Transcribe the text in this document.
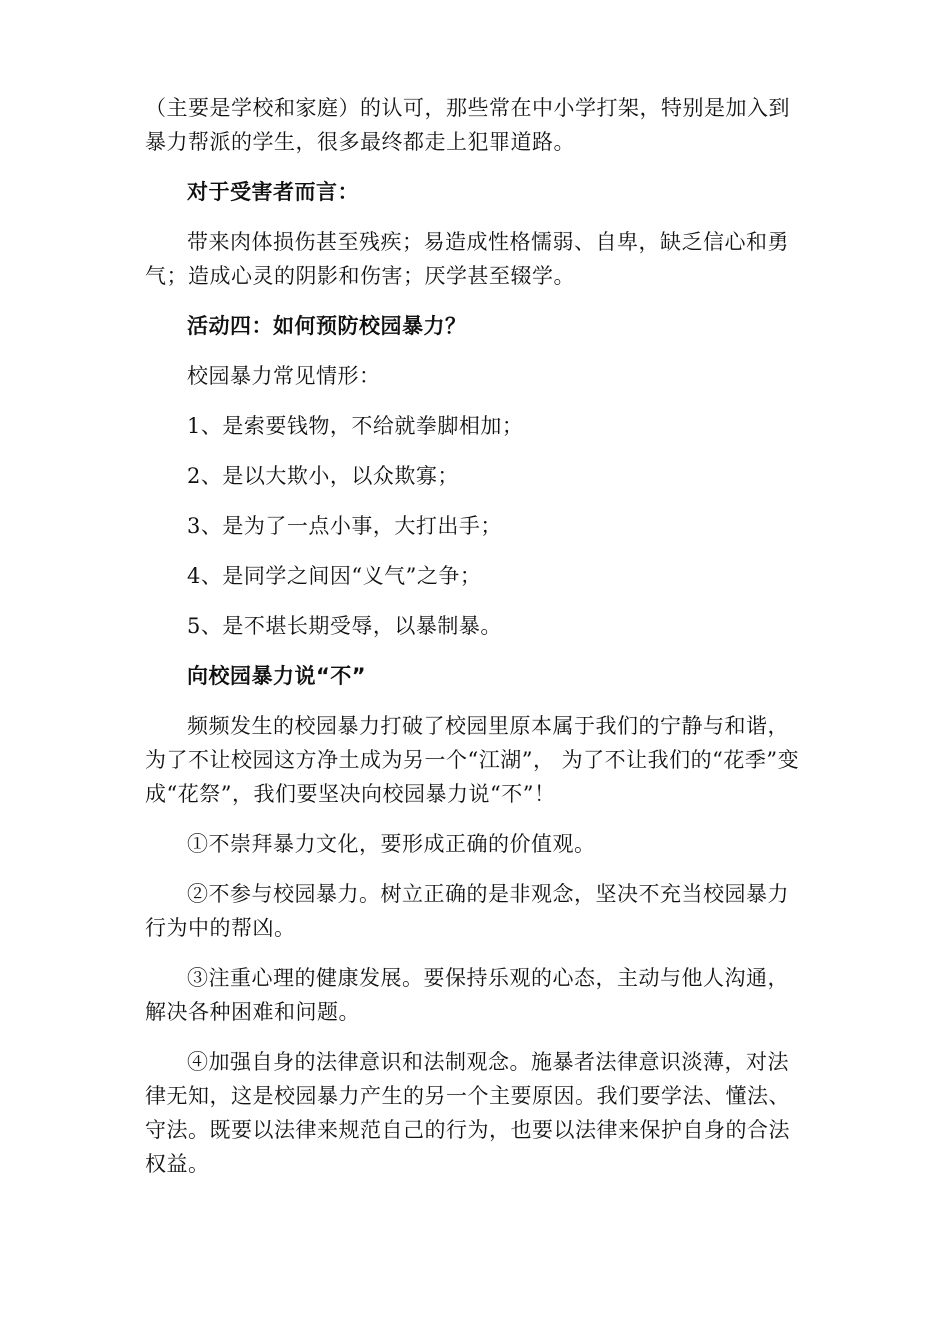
（主要是学校和家庭）的认可，那些常在中小学打架，特别是加入到暴力帮派的学生，很多最终都走上犯罪道路。

对于受害者而言：

带来肉体损伤甚至残疾；易造成性格懦弱、自卑，缺乏信心和勇气；造成心灵的阴影和伤害；厌学甚至辍学。

活动四：如何预防校园暴力？

校园暴力常见情形：

1、是索要钱物，不给就拳脚相加；

2、是以大欺小，以众欺寡；

3、是为了一点小事，大打出手；

4、是同学之间因“义气”之争；

5、是不堪长期受辱，以暴制暴。

向校园暴力说“不”

频频发生的校园暴力打破了校园里原本属于我们的宁静与和谐，为了不让校园这方净土成为另一个“江湖”， 为了不让我们的“花季”变成“花祭”，我们要坚决向校园暴力说“不”！

①不崇拜暴力文化，要形成正确的价值观。

②不参与校园暴力。树立正确的是非观念，坚决不充当校园暴力行为中的帮凶。

③注重心理的健康发展。要保持乐观的心态，主动与他人沟通，解决各种困难和问题。

④加强自身的法律意识和法制观念。施暴者法律意识淡薄，对法律无知，这是校园暴力产生的另一个主要原因。我们要学法、懂法、守法。既要以法律来规范自己的行为，也要以法律来保护自身的合法权益。
